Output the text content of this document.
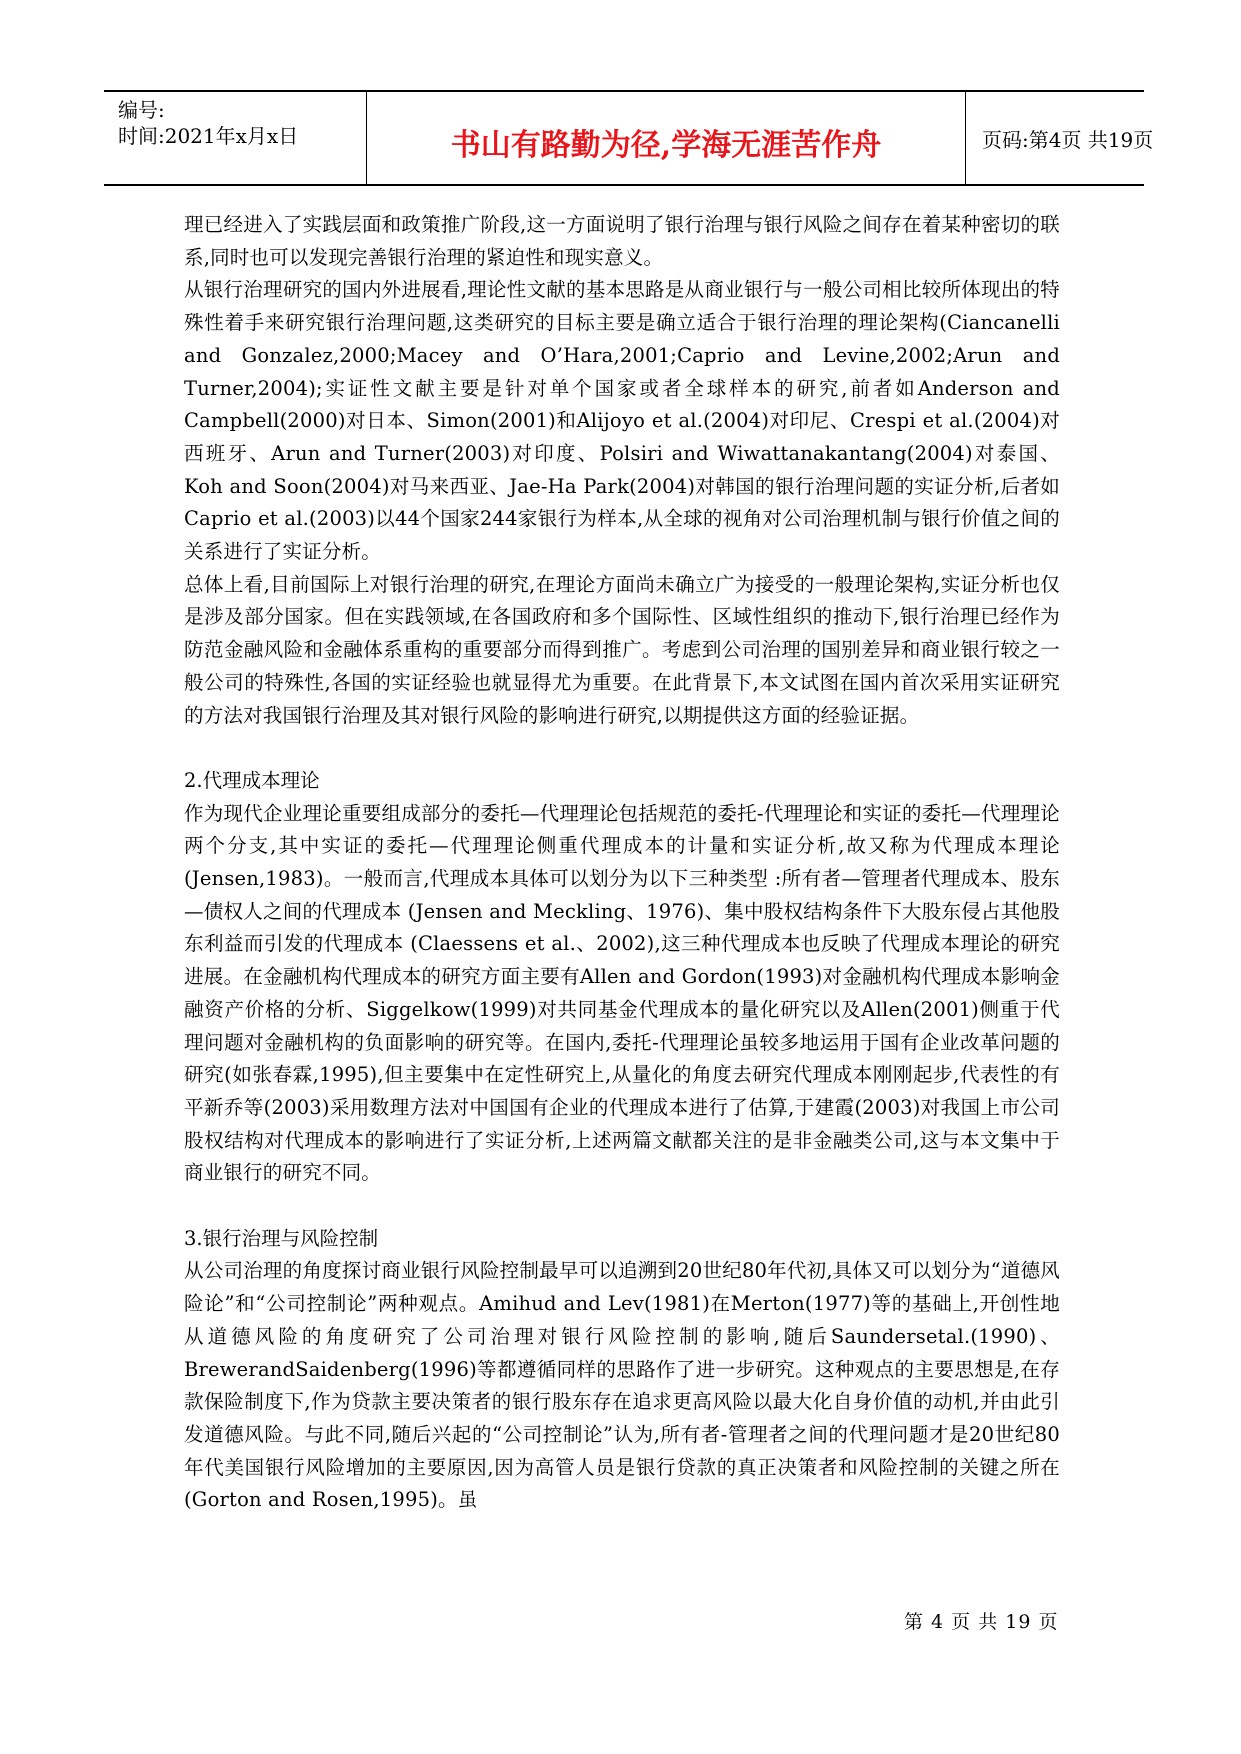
编号:
时间:2021年x月x日	书山有路勤为径,学海无涯苦作舟	页码:第4页 共19页

理已经进入了实践层面和政策推广阶段,这一方面说明了银行治理与银行风险之间存在着某种密切的联系,同时也可以发现完善银行治理的紧迫性和现实意义。

从银行治理研究的国内外进展看,理论性文献的基本思路是从商业银行与一般公司相比较所体现出的特殊性着手来研究银行治理问题,这类研究的目标主要是确立适合于银行治理的理论架构(Ciancanelli and Gonzalez,2000;Macey and O’Hara,2001;Caprio and Levine,2002;Arun and Turner,2004);实证性文献主要是针对单个国家或者全球样本的研究,前者如Anderson and Campbell(2000)对日本、Simon(2001)和Alijoyo et al.(2004)对印尼、Crespi et al.(2004)对西班牙、Arun and Turner(2003)对印度、Polsiri and Wiwattanakantang(2004)对泰国、Koh and Soon(2004)对马来西亚、Jae-Ha Park(2004)对韩国的银行治理问题的实证分析,后者如Caprio et al.(2003)以44个国家244家银行为样本,从全球的视角对公司治理机制与银行价值之间的关系进行了实证分析。

总体上看,目前国际上对银行治理的研究,在理论方面尚未确立广为接受的一般理论架构,实证分析也仅是涉及部分国家。但在实践领域,在各国政府和多个国际性、区域性组织的推动下,银行治理已经作为防范金融风险和金融体系重构的重要部分而得到推广。考虑到公司治理的国别差异和商业银行较之一般公司的特殊性,各国的实证经验也就显得尤为重要。在此背景下,本文试图在国内首次采用实证研究的方法对我国银行治理及其对银行风险的影响进行研究,以期提供这方面的经验证据。

2.代理成本理论

作为现代企业理论重要组成部分的委托—代理理论包括规范的委托-代理理论和实证的委托—代理理论两个分支,其中实证的委托—代理理论侧重代理成本的计量和实证分析,故又称为代理成本理论(Jensen,1983)。一般而言,代理成本具体可以划分为以下三种类型 :所有者—管理者代理成本、股东—债权人之间的代理成本 (Jensen and Meckling、1976)、集中股权结构条件下大股东侵占其他股东利益而引发的代理成本 (Claessens et al.、2002),这三种代理成本也反映了代理成本理论的研究进展。在金融机构代理成本的研究方面主要有Allen and Gordon(1993)对金融机构代理成本影响金融资产价格的分析、Siggelkow(1999)对共同基金代理成本的量化研究以及Allen(2001)侧重于代理问题对金融机构的负面影响的研究等。在国内,委托-代理理论虽较多地运用于国有企业改革问题的研究(如张春霖,1995),但主要集中在定性研究上,从量化的角度去研究代理成本刚刚起步,代表性的有平新乔等(2003)采用数理方法对中国国有企业的代理成本进行了估算,于建霞(2003)对我国上市公司股权结构对代理成本的影响进行了实证分析,上述两篇文献都关注的是非金融类公司,这与本文集中于商业银行的研究不同。

3.银行治理与风险控制

从公司治理的角度探讨商业银行风险控制最早可以追溯到20世纪80年代初,具体又可以划分为“道德风险论”和“公司控制论”两种观点。Amihud and Lev(1981)在Merton(1977)等的基础上,开创性地从道德风险的角度研究了公司治理对银行风险控制的影响,随后Saundersetal.(1990)、BrewerandSaidenberg(1996)等都遵循同样的思路作了进一步研究。这种观点的主要思想是,在存款保险制度下,作为贷款主要决策者的银行股东存在追求更高风险以最大化自身价值的动机,并由此引发道德风险。与此不同,随后兴起的“公司控制论”认为,所有者-管理者之间的代理问题才是20世纪80年代美国银行风险增加的主要原因,因为高管人员是银行贷款的真正决策者和风险控制的关键之所在(Gorton and Rosen,1995)。虽

第 4 页 共 19 页
